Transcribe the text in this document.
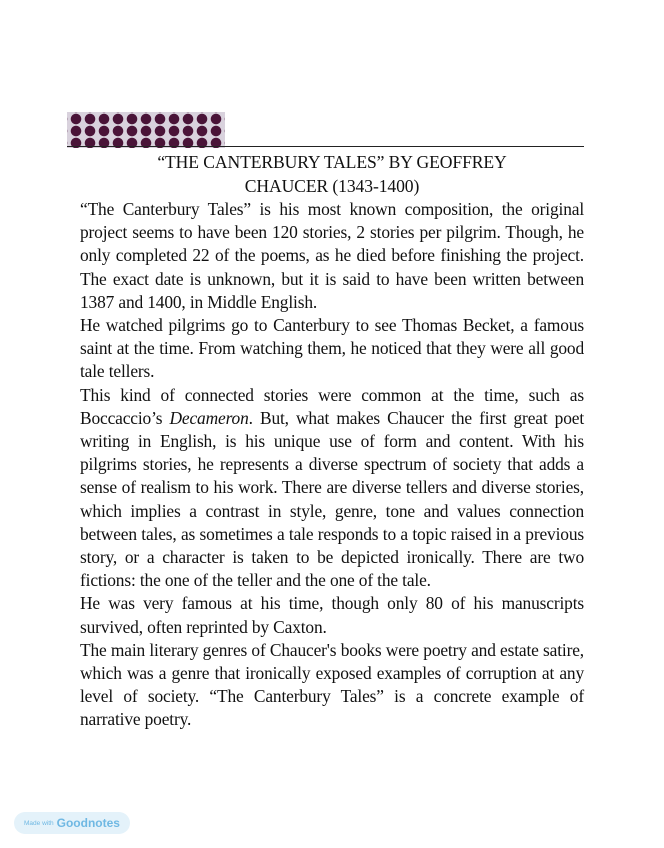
“THE CANTERBURY TALES” BY GEOFFREY
CHAUCER (1343-1400)

“The Canterbury Tales” is his most known composition, the original project seems to have been 120 stories, 2 stories per pilgrim. Though, he only completed 22 of the poems, as he died before finishing the project. The exact date is unknown, but it is said to have been written between 1387 and 1400, in Middle English.

He watched pilgrims go to Canterbury to see Thomas Becket, a famous saint at the time. From watching them, he noticed that they were all good tale tellers.

This kind of connected stories were common at the time, such as Boccaccio’s Decameron. But, what makes Chaucer the first great poet writing in English, is his unique use of form and content. With his pilgrims stories, he represents a diverse spectrum of society that adds a sense of realism to his work. There are diverse tellers and diverse stories, which implies a contrast in style, genre, tone and values connection between tales, as sometimes a tale responds to a topic raised in a previous story, or a character is taken to be depicted ironically. There are two fictions: the one of the teller and the one of the tale.

He was very famous at his time, though only 80 of his manuscripts survived, often reprinted by Caxton.

The main literary genres of Chaucer's books were poetry and estate satire, which was a genre that ironically exposed examples of corruption at any level of society. “The Canterbury Tales” is a concrete example of narrative poetry.

Made with Goodnotes
